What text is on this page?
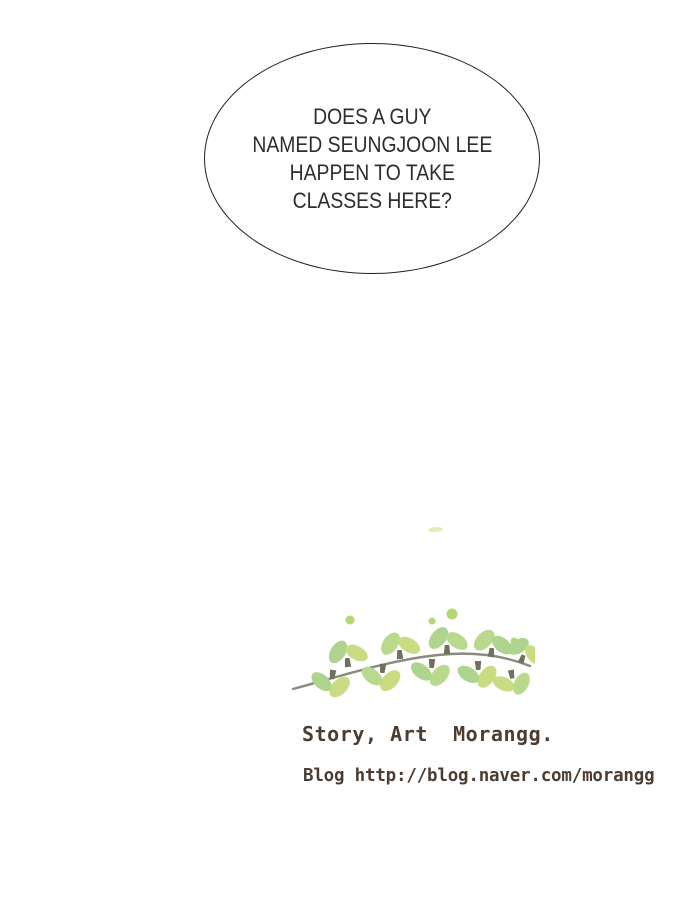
DOES A GUY
NAMED SEUNGJOON LEE
HAPPEN TO TAKE
CLASSES HERE?
Story, Art  Morangg.
Blog http://blog.naver.com/morangg
